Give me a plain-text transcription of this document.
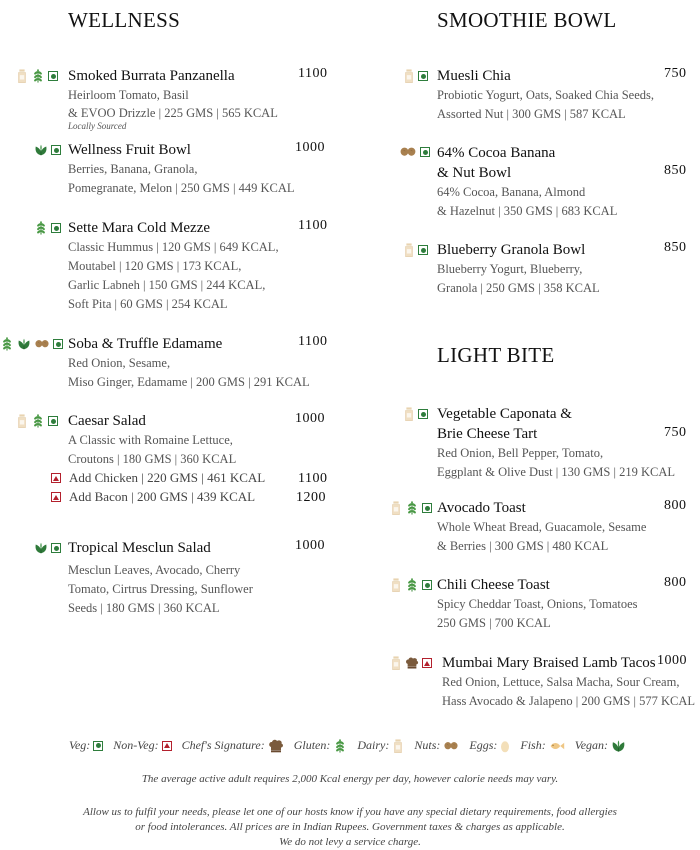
WELLNESS
Smoked Burrata Panzanella
Heirloom Tomato, Basil
& EVOO Drizzle | 225 GMS | 565 KCAL
Locally Sourced
1100
Wellness Fruit Bowl
Berries, Banana, Granola,
Pomegranate, Melon | 250 GMS | 449 KCAL
1000
Sette Mara Cold Mezze
Classic Hummus | 120 GMS | 649 KCAL,
Moutabel | 120 GMS | 173 KCAL,
Garlic Labneh | 150 GMS | 244 KCAL,
Soft Pita | 60 GMS | 254 KCAL
1100
Soba & Truffle Edamame
Red Onion, Sesame,
Miso Ginger, Edamame | 200 GMS | 291 KCAL
1100
Caesar Salad
A Classic with Romaine Lettuce,
Croutons | 180 GMS | 360 KCAL
1000
Add Chicken | 220 GMS | 461 KCAL 1100
Add Bacon | 200 GMS | 439 KCAL	1200
Tropical Mesclun Salad
Mesclun Leaves, Avocado, Cherry
Tomato, Cirtrus Dressing, Sunflower
Seeds | 180 GMS | 360 KCAL
1000
SMOOTHIE BOWL
Muesli Chia
Probiotic Yogurt, Oats, Soaked Chia Seeds,
Assorted Nut | 300 GMS | 587 KCAL
750
64% Cocoa Banana
& Nut Bowl
64% Cocoa, Banana, Almond
& Hazelnut | 350 GMS | 683 KCAL
850
Blueberry Granola Bowl
Blueberry Yogurt, Blueberry,
Granola | 250 GMS | 358 KCAL
850
LIGHT BITE
Vegetable Caponata &
Brie Cheese Tart
Red Onion, Bell Pepper, Tomato,
Eggplant & Olive Dust | 130 GMS | 219 KCAL
750
Avocado Toast
Whole Wheat Bread, Guacamole, Sesame
& Berries | 300 GMS | 480 KCAL
800
Chili Cheese Toast
Spicy Cheddar Toast, Onions, Tomatoes
250 GMS | 700 KCAL
800
Mumbai Mary Braised Lamb Tacos
Red Onion, Lettuce, Salsa Macha, Sour Cream,
Hass Avocado & Jalapeno | 200 GMS | 577 KCAL
1000
Veg: Non-Veg: Chef's Signature: Gluten: Dairy: Nuts: Eggs: Fish: Vegan:
The average active adult requires 2,000 Kcal energy per day, however calorie needs may vary.
Allow us to fulfil your needs, please let one of our hosts know if you have any special dietary requirements, food allergies
or food intolerances. All prices are in Indian Rupees. Government taxes & charges as applicable.
We do not levy a service charge.
